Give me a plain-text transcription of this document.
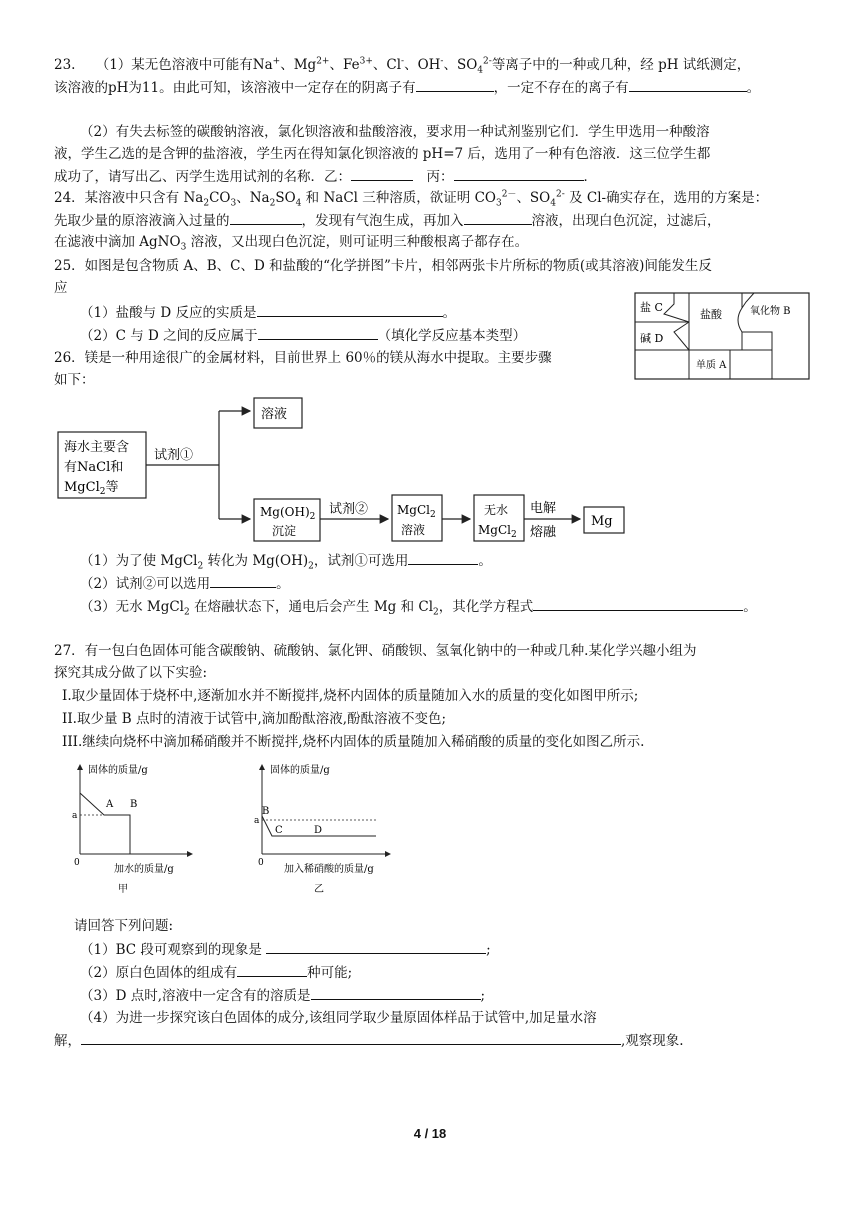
23.　　（1）某无色溶液中可能有Na+、$Mg^{2+}$、$Fe^{3+}$、Cl-、OH-、$SO_4^{2-}$等离子中的一种或几种，经 pH 试纸测定，
该溶液的pH为11。由此可知，该溶液中一定存在的阴离子有	，一定不存在的离子有	。
（2）有失去标签的碳酸钠溶液，氯化钡溶液和盐酸溶液，要求用一种试剂鉴别它们．学生甲选用一种酸溶
液，学生乙选的是含钾的盐溶液，学生丙在得知氯化钡溶液的 pH=7 后，选用了一种有色溶液．这三位学生都
成功了，请写出乙、丙学生选用试剂的名称．乙：	　丙：	．
24．某溶液中只含有 $Na_2CO_3$、$Na_2SO_4$ 和 NaCl 三种溶质，欲证明 $CO_3^{2-}$、$SO_4^{2-}$ 及 Cl-确实存在，选用的方案是：
先取少量的原溶液滴入过量的	，发现有气泡生成，再加入	溶液，出现白色沉淀，过滤后，
在滤液中滴加 AgNO$_3$ 溶液，又出现白色沉淀，则可证明三种酸根离子都存在。
25．如图是包含物质 A、B、C、D 和盐酸的“化学拼图”卡片，相邻两张卡片所标的物质(或其溶液)间能发生反
应
（1）盐酸与 D 反应的实质是	。
（2）C 与 D 之间的反应属于	（填化学反应基本类型）
盐 C
碱 D
盐酸	氧化物 B
单质 A
26．镁是一种用途很广的金属材料，目前世界上 60％的镁从海水中提取。主要步骤
如下：
海水主要含
有NaCl和
MgCl$_2$等
试剂①
溶液
$Mg(OH)_2$
沉淀
试剂② MgCl$_2$
溶液
无水
MgCl$_2$
电解
熔融
Mg
（1）为了使 MgCl$_2$ 转化为 $Mg(OH)_2$，试剂①可选用	。
（2）试剂②可以选用	。
（3）无水 MgCl$_2$ 在熔融状态下，通电后会产生 Mg 和 $Cl_2$，其化学方程式	。
27．有一包白色固体可能含碳酸钠、硫酸钠、氯化钾、硝酸钡、氢氧化钠中的一种或几种.某化学兴趣小组为
探究其成分做了以下实验:
I.取少量固体于烧杯中,逐渐加水并不断搅拌,烧杯内固体的质量随加入水的质量的变化如图甲所示;
II.取少量 B 点时的清液于试管中,滴加酚酞溶液,酚酞溶液不变色;
III.继续向烧杯中滴加稀硝酸并不断搅拌,烧杯内固体的质量随加入稀硝酸的质量的变化如图乙所示.
固体的质量/g
0
a
A B
加水的质量/g
甲
固体的质量/g
0
a
B
C	D
加入稀硝酸的质量/g
乙
请回答下列问题:
（1）BC 段可观察到的现象是	;
（2）原白色固体的组成有	种可能;
（3）D 点时,溶液中一定含有的溶质是	;
（4）为进一步探究该白色固体的成分,该组同学取少量原固体样品于试管中,加足量水溶
解，	,观察现象.
4 / 18
